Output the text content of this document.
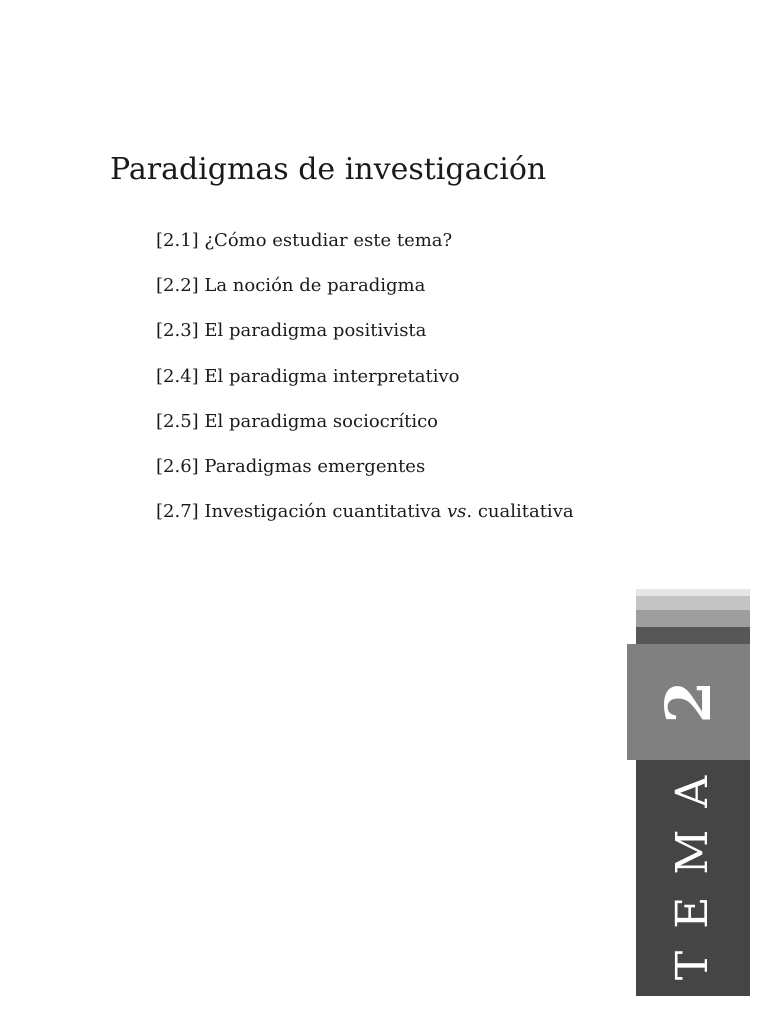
Paradigmas de investigación
[2.1] ¿Cómo estudiar este tema?
[2.2] La noción de paradigma
[2.3] El paradigma positivista
[2.4] El paradigma interpretativo
[2.5] El paradigma sociocrítico
[2.6] Paradigmas emergentes
[2.7] Investigación cuantitativa vs. cualitativa
2
TEMA
